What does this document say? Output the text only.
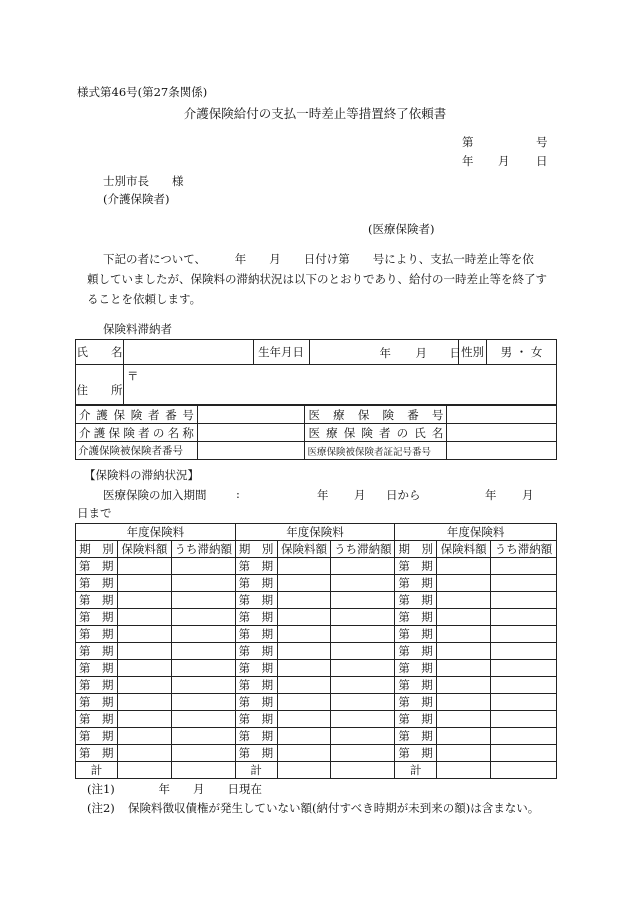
様式第46号(第27条関係)
介護保険給付の支払一時差止等措置終了依頼書
第	号
年 月 日
士別市長　　様
(介護保険者)
(医療保険者)
下記の者について、　　　年　　月　　日付け第　　号により、支払一時差止等を依
頼していましたが、保険料の滞納状況は以下のとおりであり、給付の一時差止等を終了す
ることを依頼します。
保険料滞納者
氏　　名		生年月日	年 月 日	性別	男 ・ 女
住　　所	〒				
介護保険者番号		医療保険番号	
介護保険者の名称		医療保険者の氏名	
介護保険被保険者番号		医療保険被保険者証記号番号	
【保険料の滞納状況】
医療保険の加入期間	:	年 月 日から	年 月
日まで
年度保険料			年度保険料			年度保険料		
期　別	保険料額	うち滞納額	期　別	保険料額	うち滞納額	期　別	保険料額	うち滞納額
第　期			第　期			第　期		
第　期			第　期			第　期		
第　期			第　期			第　期		
第　期			第　期			第　期		
第　期			第　期			第　期		
第　期			第　期			第　期		
第　期			第　期			第　期		
第　期			第　期			第　期		
第　期			第　期			第　期		
第　期			第　期			第　期		
第　期			第　期			第　期		
第　期			第　期			第　期		
計			計			計		
(注1) 　　　年　　月　　日現在
(注2) 保険料徴収債権が発生していない額(納付すべき時期が未到来の額)は含まない。
